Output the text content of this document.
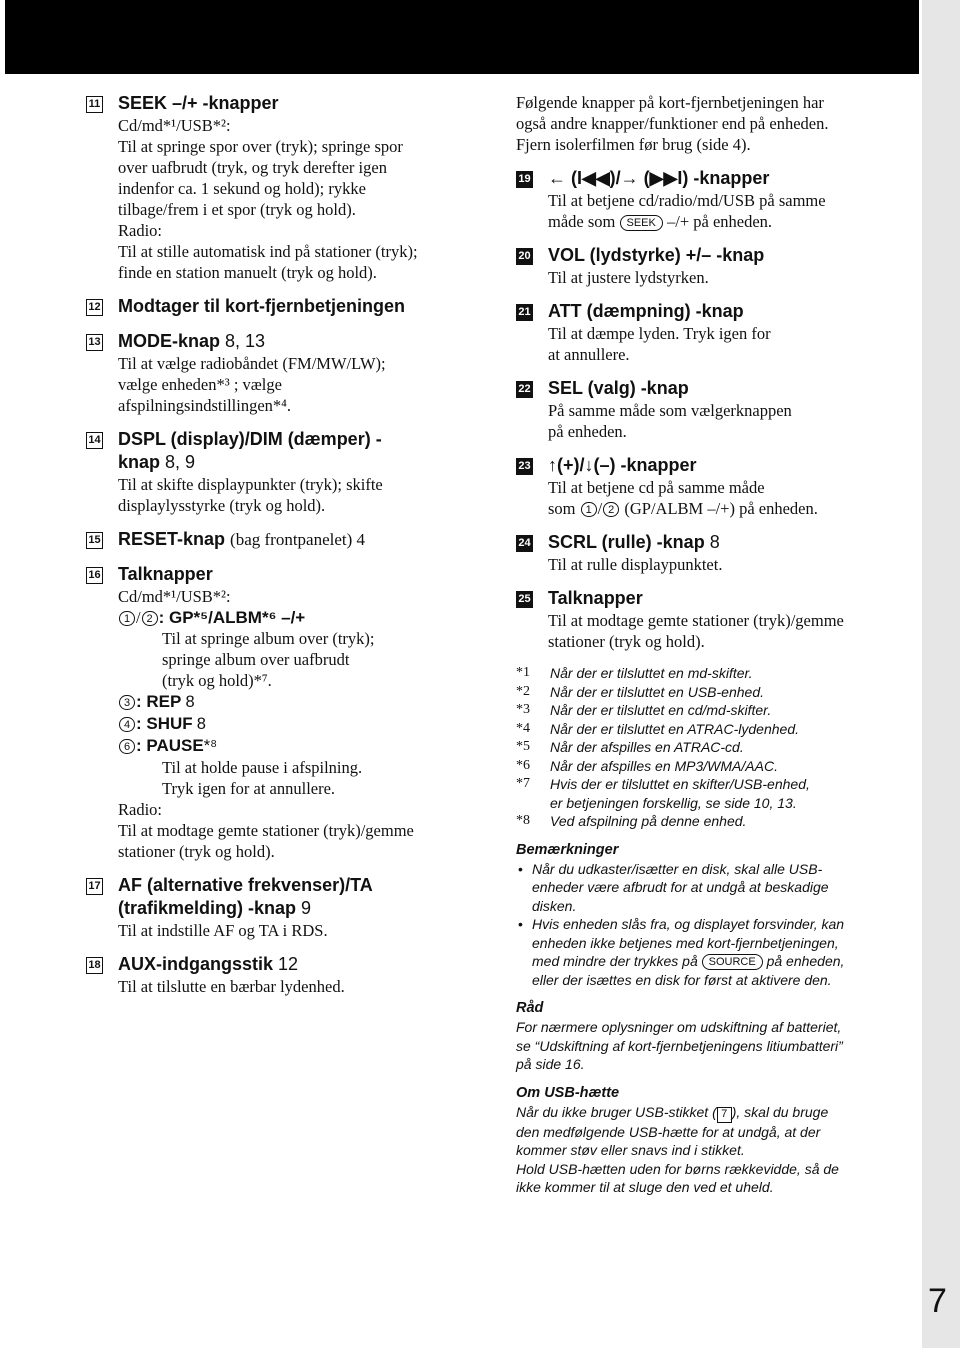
7
11 SEEK –/+ -knapper
Cd/md*¹/USB*²:
Til at springe spor over (tryk); springe spor
over uafbrudt (tryk, og tryk derefter igen
indenfor ca. 1 sekund og hold); rykke
tilbage/frem i et spor (tryk og hold).
Radio:
Til at stille automatisk ind på stationer (tryk);
finde en station manuelt (tryk og hold).
12 Modtager til kort-fjernbetjeningen
13 MODE-knap 8, 13
Til at vælge radiobåndet (FM/MW/LW);
vælge enheden*³ ; vælge
afspilningsindstillingen*⁴.
14 DSPL (display)/DIM (dæmper) -
knap 8, 9
Til at skifte displaypunkter (tryk); skifte
displaylysstyrke (tryk og hold).
15 RESET-knap (bag frontpanelet) 4
16 Talknapper
Cd/md*¹/USB*²:
1 / 2 : GP*⁵/ALBM*⁶ –/+
Til at springe album over (tryk);
springe album over uafbrudt
(tryk og hold)*⁷.
3 : REP 8
4 : SHUF 8
6 : PAUSE*⁸
Til at holde pause i afspilning.
Tryk igen for at annullere.
Radio:
Til at modtage gemte stationer (tryk)/gemme
stationer (tryk og hold).
17 AF (alternative frekvenser)/TA
(trafikmelding) -knap 9
Til at indstille AF og TA i RDS.
18 AUX-indgangsstik 12
Til at tilslutte en bærbar lydenhed.
Følgende knapper på kort-fjernbetjeningen har
også andre knapper/funktioner end på enheden.
Fjern isolerfilmen før brug (side 4).
19 ← (I◀◀)/→ (▶▶I) -knapper
Til at betjene cd/radio/md/USB på samme
måde som SEEK –/+ på enheden.
20 VOL (lydstyrke) +/– -knap
Til at justere lydstyrken.
21 ATT (dæmpning) -knap
Til at dæmpe lyden. Tryk igen for
at annullere.
22 SEL (valg) -knap
På samme måde som vælgerknappen
på enheden.
23 ↑(+)/↓(–) -knapper
Til at betjene cd på samme måde
som 1 / 2 (GP/ALBM –/+) på enheden.
24 SCRL (rulle) -knap 8
Til at rulle displaypunktet.
25 Talknapper
Til at modtage gemte stationer (tryk)/gemme
stationer (tryk og hold).
*1 Når der er tilsluttet en md-skifter.
*2 Når der er tilsluttet en USB-enhed.
*3 Når der er tilsluttet en cd/md-skifter.
*4 Når der er tilsluttet en ATRAC-lydenhed.
*5 Når der afspilles en ATRAC-cd.
*6 Når der afspilles en MP3/WMA/AAC.
*7 Hvis der er tilsluttet en skifter/USB-enhed,
er betjeningen forskellig, se side 10, 13.
*8 Ved afspilning på denne enhed.
Bemærkninger
• Når du udkaster/isætter en disk, skal alle USB-
enheder være afbrudt for at undgå at beskadige
disken.
• Hvis enheden slås fra, og displayet forsvinder, kan
enheden ikke betjenes med kort-fjernbetjeningen,
med mindre der trykkes på SOURCE på enheden,
eller der isættes en disk for først at aktivere den.
Råd
For nærmere oplysninger om udskiftning af batteriet,
se “Udskiftning af kort-fjernbetjeningens litiumbatteri”
på side 16.
Om USB-hætte
Når du ikke bruger USB-stikket ( 7 ), skal du bruge
den medfølgende USB-hætte for at undgå, at der
kommer støv eller snavs ind i stikket.
Hold USB-hætten uden for børns rækkevidde, så de
ikke kommer til at sluge den ved et uheld.
